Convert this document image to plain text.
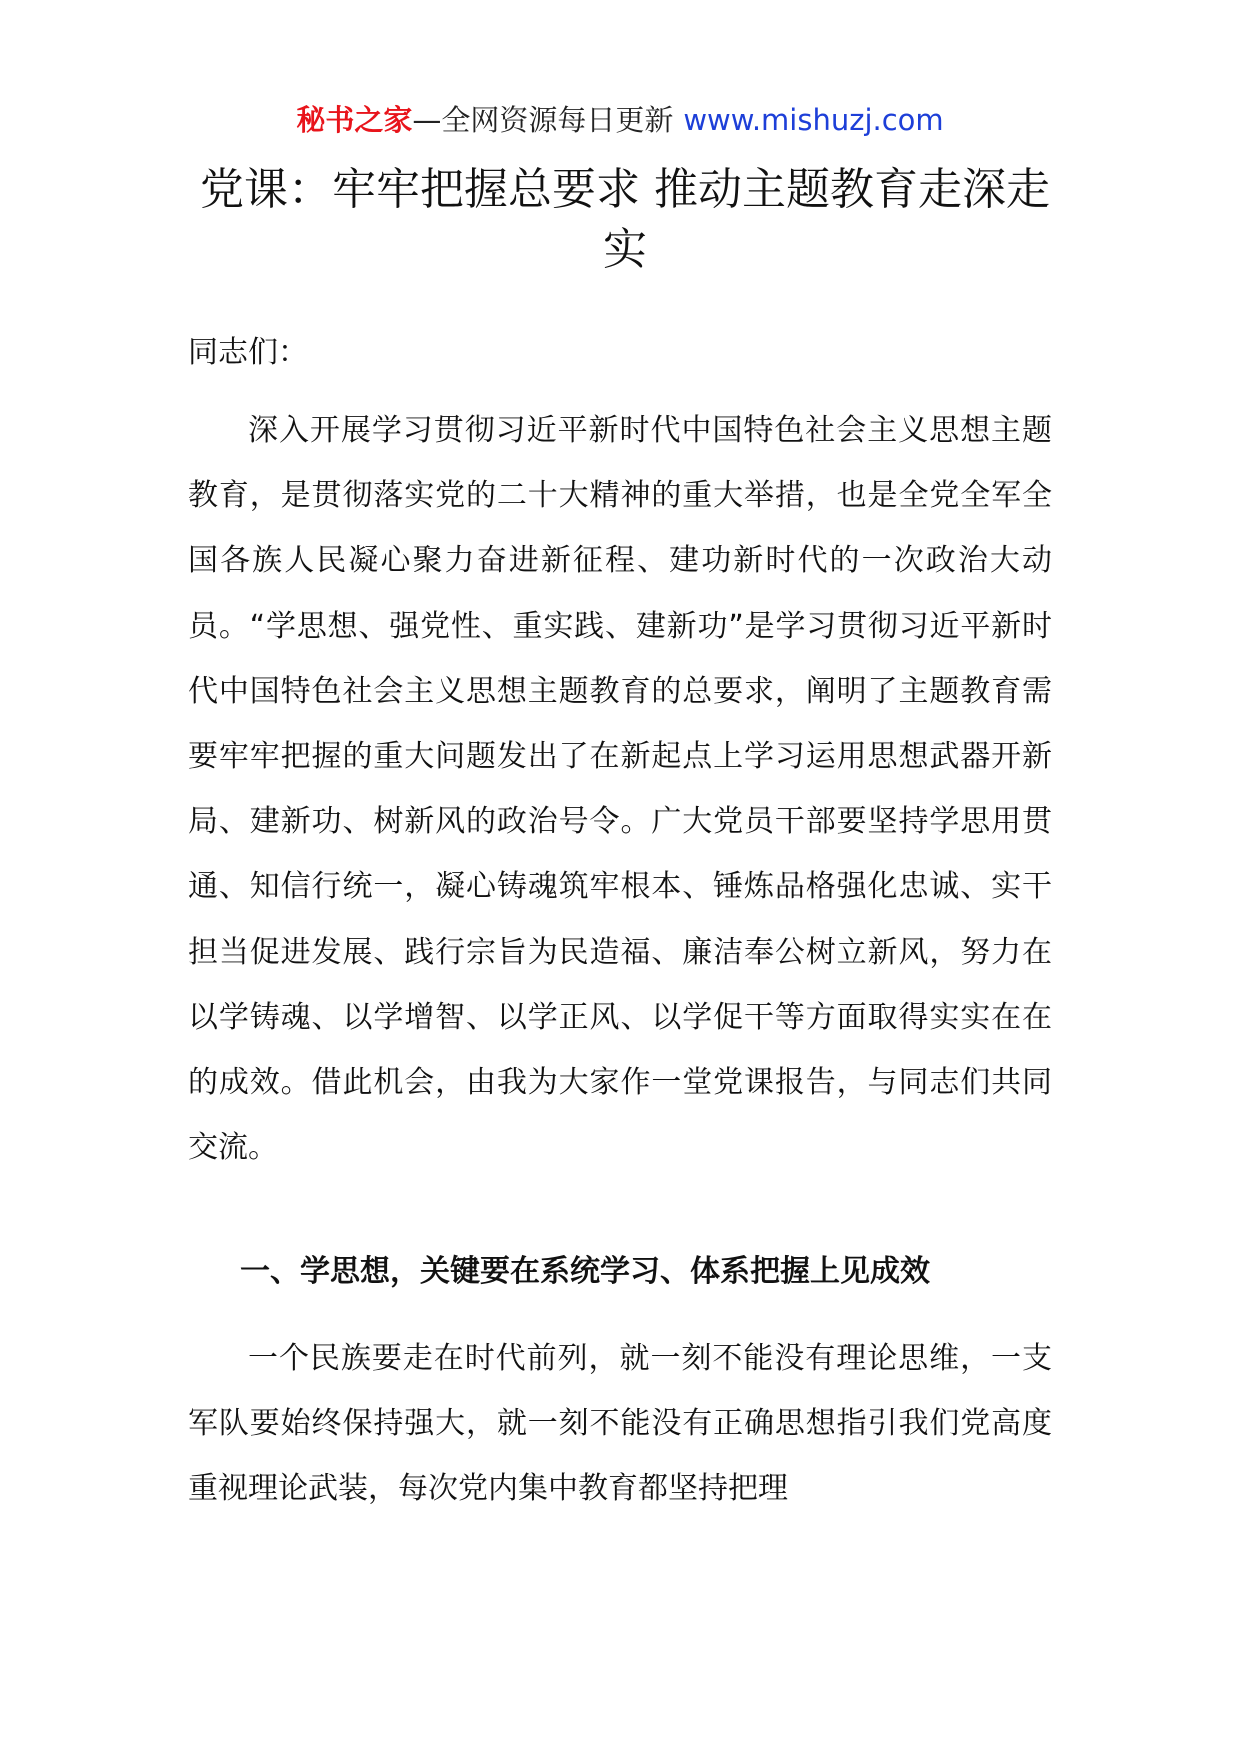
秘书之家—全网资源每日更新 www.mishuzj.com
党课：牢牢把握总要求 推动主题教育走深走实

同志们：

深入开展学习贯彻习近平新时代中国特色社会主义思想主题教育，是贯彻落实党的二十大精神的重大举措，也是全党全军全国各族人民凝心聚力奋进新征程、建功新时代的一次政治大动员。“学思想、强党性、重实践、建新功”是学习贯彻习近平新时代中国特色社会主义思想主题教育的总要求，阐明了主题教育需要牢牢把握的重大问题发出了在新起点上学习运用思想武器开新局、建新功、树新风的政治号令。广大党员干部要坚持学思用贯通、知信行统一，凝心铸魂筑牢根本、锤炼品格强化忠诚、实干担当促进发展、践行宗旨为民造福、廉洁奉公树立新风，努力在以学铸魂、以学增智、以学正风、以学促干等方面取得实实在在的成效。借此机会，由我为大家作一堂党课报告，与同志们共同交流。

一、学思想，关键要在系统学习、体系把握上见成效

一个民族要走在时代前列，就一刻不能没有理论思维，一支军队要始终保持强大，就一刻不能没有正确思想指引我们党高度重视理论武装，每次党内集中教育都坚持把理
